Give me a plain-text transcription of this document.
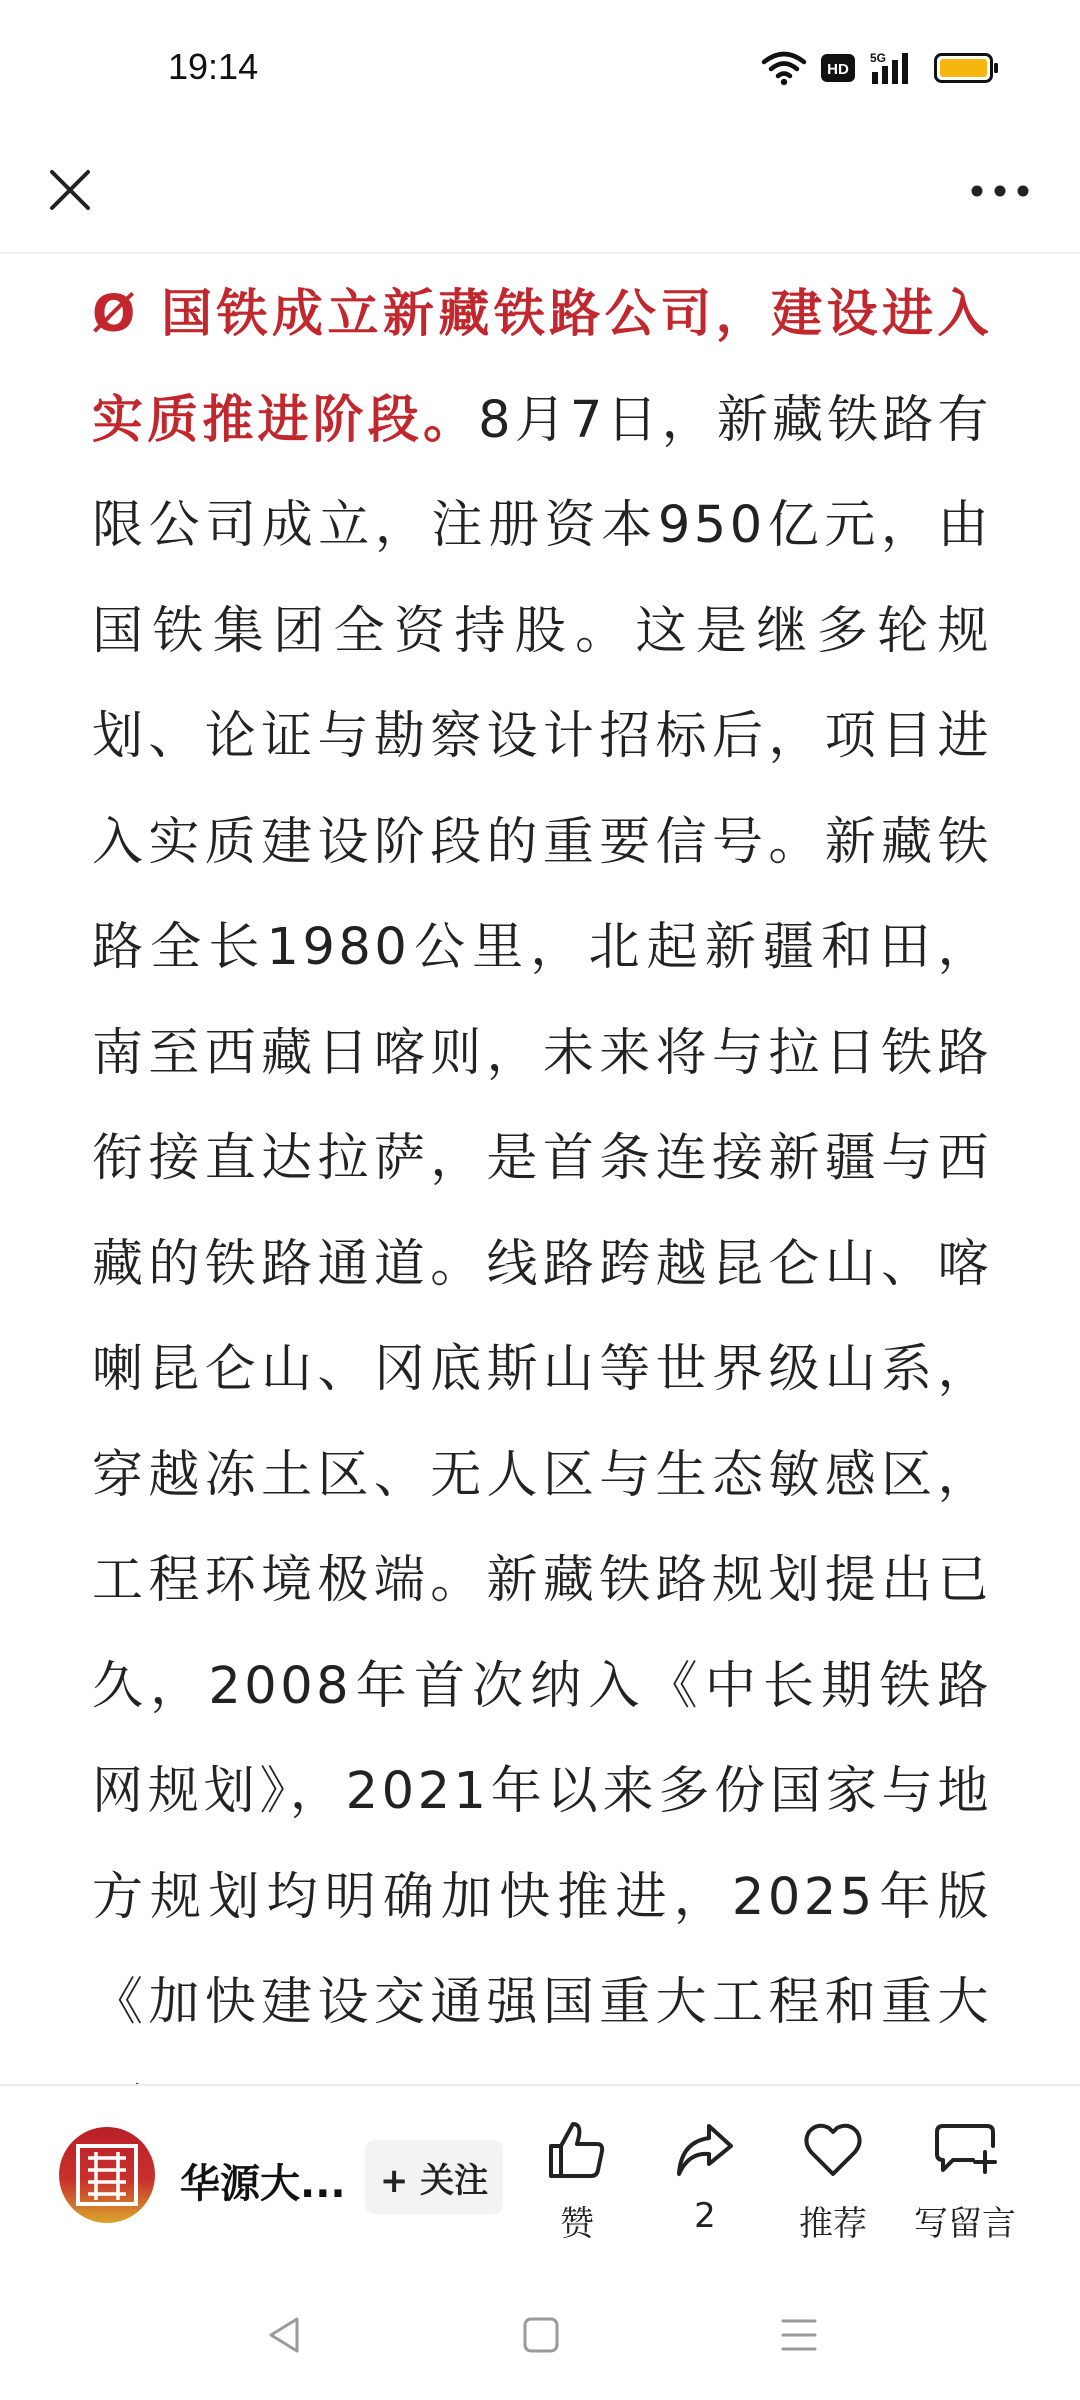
19:14	HD
5G

Ø 国铁成立新藏铁路公司，建设进入实质推进阶段。8月7日，新藏铁路有限公司成立，注册资本950亿元，由国铁集团全资持股。这是继多轮规划、论证与勘察设计招标后，项目进入实质建设阶段的重要信号。新藏铁路全长1980公里，北起新疆和田，南至西藏日喀则，未来将与拉日铁路衔接直达拉萨，是首条连接新疆与西藏的铁路通道。线路跨越昆仑山、喀喇昆仑山、冈底斯山等世界级山系，穿越冻土区、无人区与生态敏感区，工程环境极端。新藏铁路规划提出已久，2008年首次纳入《中长期铁路网规划》，2021年以来多份国家与地方规划均明确加快推进，2025年版《加快建设交通强国重大工程和重大

华源大...	+ 关注
赞	2 推荐 写留言
